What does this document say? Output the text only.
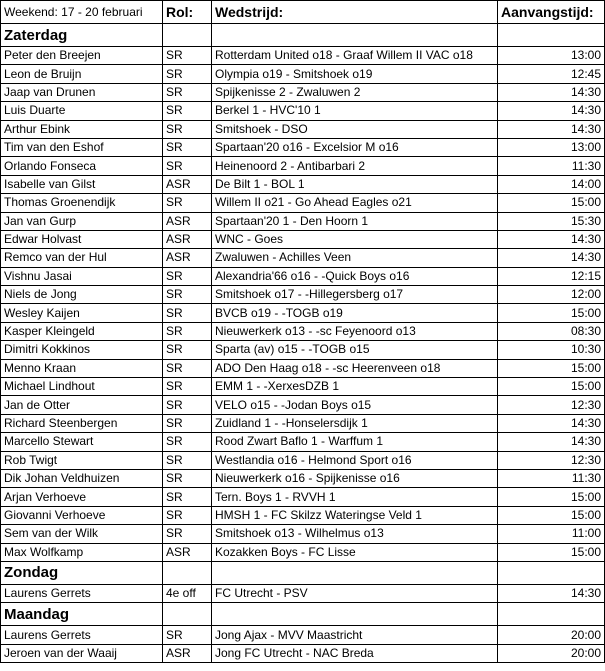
Weekend: 17 - 20 februari	Rol:	Wedstrijd:	Aanvangstijd:
Zaterdag			
Peter den Breejen	SR	Rotterdam United o18 - Graaf Willem II VAC o18	13:00
Leon de Bruijn	SR	Olympia o19 - Smitshoek o19	12:45
Jaap van Drunen	SR	Spijkenisse 2 - Zwaluwen 2	14:30
Luis Duarte	SR	Berkel 1 - HVC'10 1	14:30
Arthur Ebink	SR	Smitshoek - DSO	14:30
Tim van den Eshof	SR	Spartaan'20 o16 - Excelsior M o16	13:00
Orlando Fonseca	SR	Heinenoord 2 - Antibarbari 2	11:30
Isabelle van Gilst	ASR	De Bilt 1 - BOL 1	14:00
Thomas Groenendijk	SR	Willem II o21 - Go Ahead Eagles o21	15:00
Jan van Gurp	ASR	Spartaan'20 1 - Den Hoorn 1	15:30
Edwar Holvast	ASR	WNC - Goes	14:30
Remco van der Hul	ASR	Zwaluwen - Achilles Veen	14:30
Vishnu Jasai	SR	Alexandria'66 o16 - -Quick Boys o16	12:15
Niels de Jong	SR	Smitshoek o17 - -Hillegersberg o17	12:00
Wesley Kaijen	SR	BVCB o19 - -TOGB o19	15:00
Kasper Kleingeld	SR	Nieuwerkerk o13 - -sc Feyenoord o13	08:30
Dimitri Kokkinos	SR	Sparta (av) o15 - -TOGB o15	10:30
Menno Kraan	SR	ADO Den Haag o18 - -sc Heerenveen o18	15:00
Michael Lindhout	SR	EMM 1 - -XerxesDZB 1	15:00
Jan de Otter	SR	VELO o15 - -Jodan Boys o15	12:30
Richard Steenbergen	SR	Zuidland 1 - -Honselersdijk 1	14:30
Marcello Stewart	SR	Rood Zwart Baflo 1 - Warffum 1	14:30
Rob Twigt	SR	Westlandia o16 - Helmond Sport o16	12:30
Dik Johan Veldhuizen	SR	Nieuwerkerk o16 - Spijkenisse o16	11:30
Arjan Verhoeve	SR	Tern. Boys 1 - RVVH 1	15:00
Giovanni Verhoeve	SR	HMSH 1 - FC Skilzz Wateringse Veld 1	15:00
Sem van der Wilk	SR	Smitshoek o13 - Wilhelmus o13	11:00
Max Wolfkamp	ASR	Kozakken Boys - FC Lisse	15:00
Zondag			
Laurens Gerrets	4e off	FC Utrecht - PSV	14:30
Maandag			
Laurens Gerrets	SR	Jong Ajax - MVV Maastricht	20:00
Jeroen van der Waaij	ASR	Jong FC Utrecht - NAC Breda	20:00
